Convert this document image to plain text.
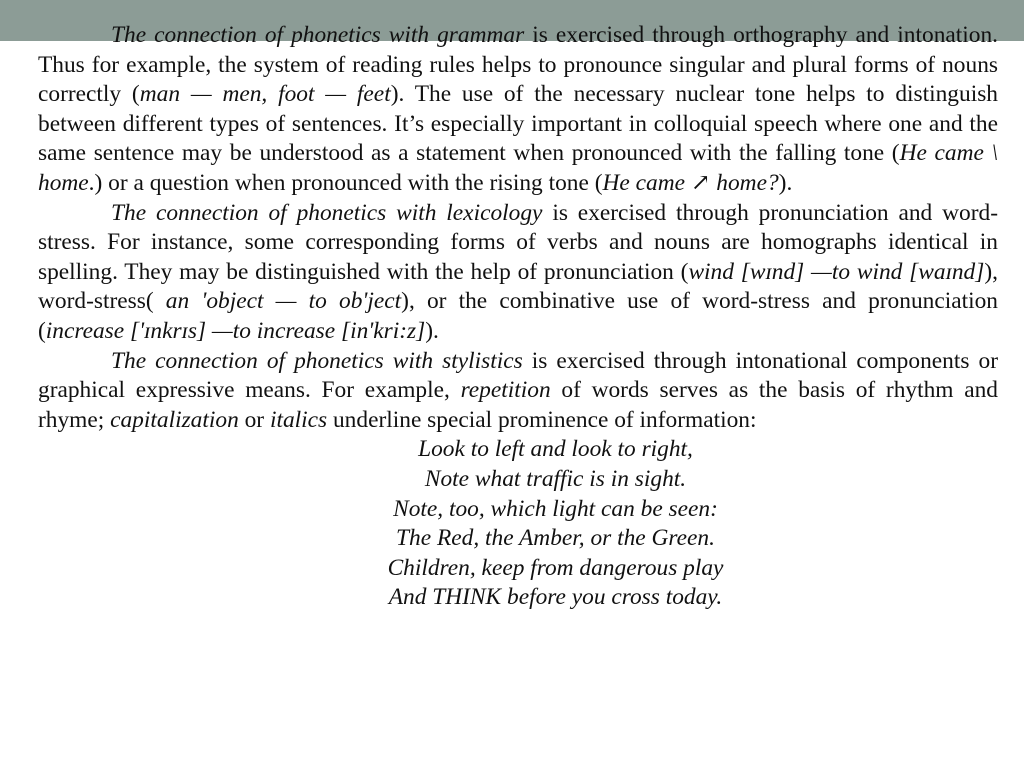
The connection of phonetics with grammar is exercised through orthography and intonation. Thus for example, the system of reading rules helps to pronounce singular and plural forms of nouns correctly (man — men, foot — feet). The use of the necessary nuclear tone helps to distinguish between different types of sentences. It’s especially important in colloquial speech where one and the same sentence may be understood as a statement when pronounced with the falling tone (He came \ home.) or a question when pronounced with the rising tone (He came ↗ home?).

The connection of phonetics with lexicology is exercised through pronunciation and word-stress. For instance, some corresponding forms of verbs and nouns are homographs identical in spelling. They may be distinguished with the help of pronunciation (wind [wɪnd] —to wind [waɪnd]), word-stress( an 'object — to ob'ject), or the combinative use of word-stress and pronunciation (increase ['ɪnkrɪs] —to increase [in'kri:z]).

The connection of phonetics with stylistics is exercised through intonational components or graphical expressive means. For example, repetition of words serves as the basis of rhythm and rhyme; capitalization or italics underline special prominence of information:

Look to left and look to right,
Note what traffic is in sight.
Note, too, which light can be seen:
The Red, the Amber, or the Green.
Children, keep from dangerous play
And THINK before you cross today.
